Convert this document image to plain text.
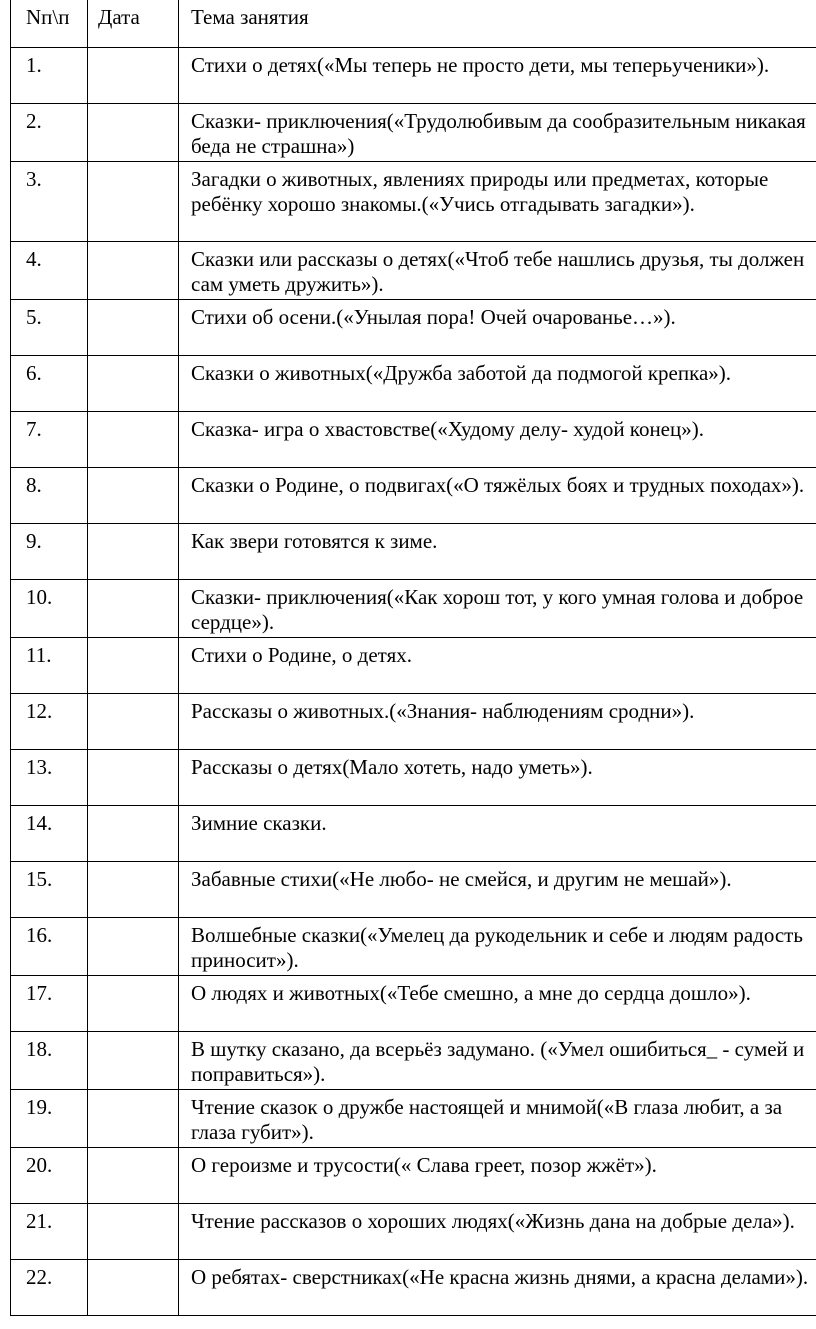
Nп\п	Дата	Тема занятия
1.		Стихи о детях(«Мы теперь не просто дети, мы теперьученики»).
2.		Сказки- приключения(«Трудолюбивым да сообразительным никакая беда не страшна»)
3.		Загадки о животных, явлениях природы или предметах, которые ребёнку хорошо знакомы.(«Учись отгадывать загадки»).
4.		Сказки или рассказы о детях(«Чтоб тебе нашлись друзья, ты должен сам уметь дружить»).
5.		Стихи об осени.(«Унылая пора! Очей очарованье…»).
6.		Сказки о животных(«Дружба заботой да подмогой крепка»).
7.		Сказка- игра о хвастовстве(«Худому делу- худой конец»).
8.		Сказки о Родине, о подвигах(«О тяжёлых боях и трудных походах»).
9.		Как звери готовятся к зиме.
10.		Сказки- приключения(«Как хорош тот, у кого умная голова и доброе сердце»).
11.		Стихи о Родине, о детях.
12.		Рассказы о животных.(«Знания- наблюдениям сродни»).
13.		Рассказы о детях(Мало хотеть, надо уметь»).
14.		Зимние сказки.
15.		Забавные стихи(«Не любо- не смейся, и другим не мешай»).
16.		Волшебные сказки(«Умелец да рукодельник и себе и людям радость приносит»).
17.		О людях и животных(«Тебе смешно, а мне до сердца дошло»).
18.		В шутку сказано, да всерьёз задумано. («Умел ошибиться_ - сумей и поправиться»).
19.		Чтение сказок о дружбе настоящей и мнимой(«В глаза любит, а за глаза губит»).
20.		О героизме и трусости(« Слава греет, позор жжёт»).
21.		Чтение рассказов о хороших людях(«Жизнь дана на добрые дела»).
22.		О ребятах- сверстниках(«Не красна жизнь днями, а красна делами»).
